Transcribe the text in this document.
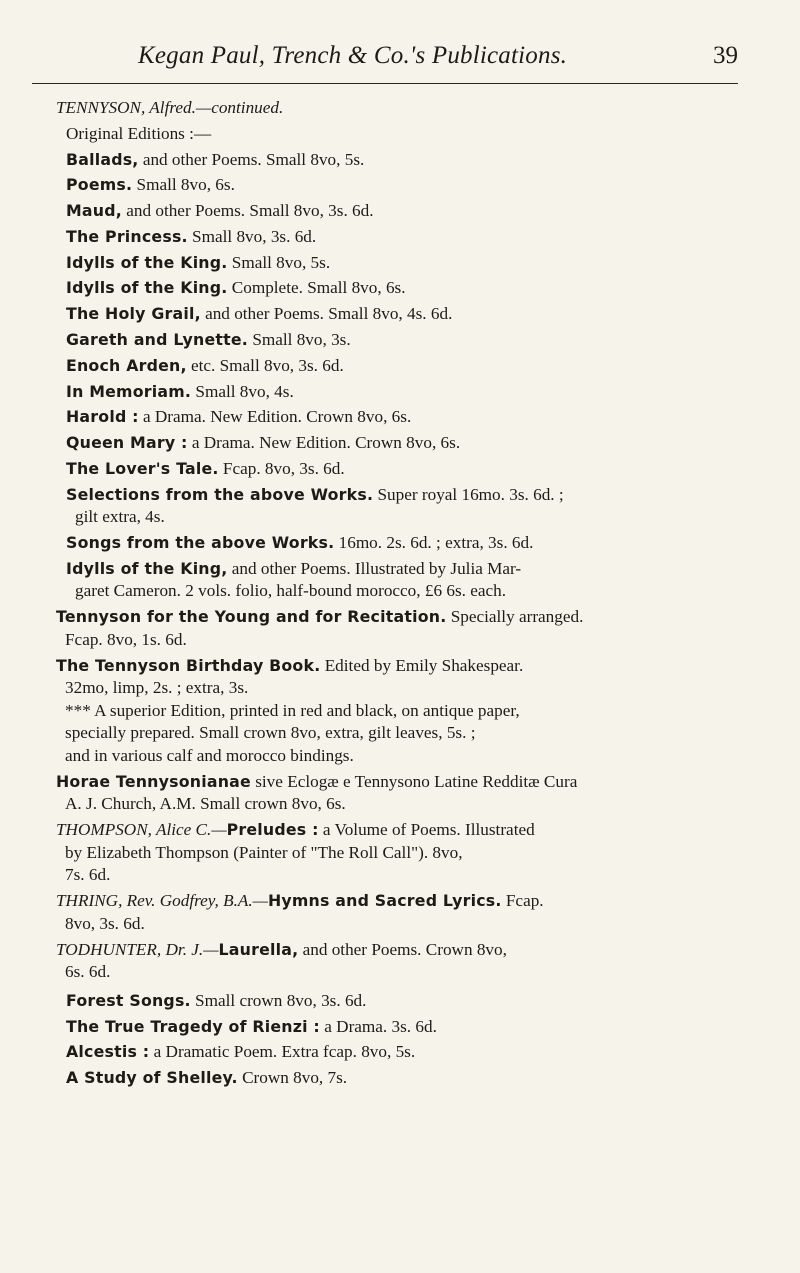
Kegan Paul, Trench & Co.'s Publications.	39
TENNYSON, Alfred.—continued.
Original Editions :—
Ballads, and other Poems. Small 8vo, 5s.
Poems. Small 8vo, 6s.
Maud, and other Poems. Small 8vo, 3s. 6d.
The Princess. Small 8vo, 3s. 6d.
Idylls of the King. Small 8vo, 5s.
Idylls of the King. Complete. Small 8vo, 6s.
The Holy Grail, and other Poems. Small 8vo, 4s. 6d.
Gareth and Lynette. Small 8vo, 3s.
Enoch Arden, etc. Small 8vo, 3s. 6d.
In Memoriam. Small 8vo, 4s.
Harold : a Drama. New Edition. Crown 8vo, 6s.
Queen Mary : a Drama. New Edition. Crown 8vo, 6s.
The Lover's Tale. Fcap. 8vo, 3s. 6d.
Selections from the above Works. Super royal 16mo. 3s. 6d. ;
gilt extra, 4s.
Songs from the above Works. 16mo. 2s. 6d. ; extra, 3s. 6d.
Idylls of the King, and other Poems. Illustrated by Julia Mar-
garet Cameron. 2 vols. folio, half-bound morocco, £6 6s. each.
Tennyson for the Young and for Recitation. Specially arranged.
Fcap. 8vo, 1s. 6d.
The Tennyson Birthday Book. Edited by Emily Shakespear.
32mo, limp, 2s. ; extra, 3s.
*** A superior Edition, printed in red and black, on antique paper,
specially prepared. Small crown 8vo, extra, gilt leaves, 5s. ;
and in various calf and morocco bindings.
Horae Tennysonianae sive Eclogæ e Tennysono Latine Redditæ Cura
A. J. Church, A.M. Small crown 8vo, 6s.
THOMPSON, Alice C.—Preludes : a Volume of Poems. Illustrated
by Elizabeth Thompson (Painter of "The Roll Call"). 8vo,
7s. 6d.
THRING, Rev. Godfrey, B.A.—Hymns and Sacred Lyrics. Fcap.
8vo, 3s. 6d.
TODHUNTER, Dr. J.—Laurella, and other Poems. Crown 8vo,
6s. 6d.
Forest Songs. Small crown 8vo, 3s. 6d.
The True Tragedy of Rienzi : a Drama. 3s. 6d.
Alcestis : a Dramatic Poem. Extra fcap. 8vo, 5s.
A Study of Shelley. Crown 8vo, 7s.
